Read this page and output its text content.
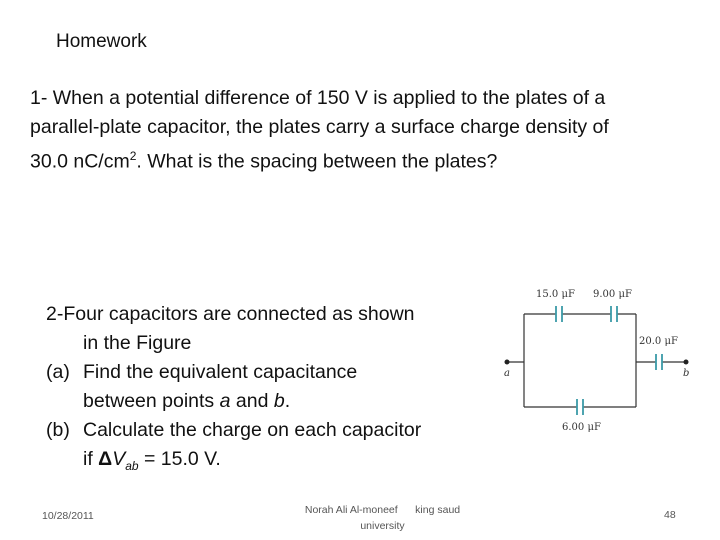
Homework
1- When a potential difference of 150 V is applied to the plates of a
parallel-plate capacitor, the plates carry a surface charge density of
30.0 $nC/cm^2$. What is the spacing between the plates?
2-Four capacitors are connected as shown
in the Figure
(a) Find the equivalent capacitance
between points a and b.
(b) Calculate the charge on each capacitor
if $\Delta V_{ab} = 15.0$ V.
15.0 μF 9.00 μF
20.0 μF
6.00 μF
a	b
10/28/2011	Norah Ali Al-moneef      king saud
university
48
